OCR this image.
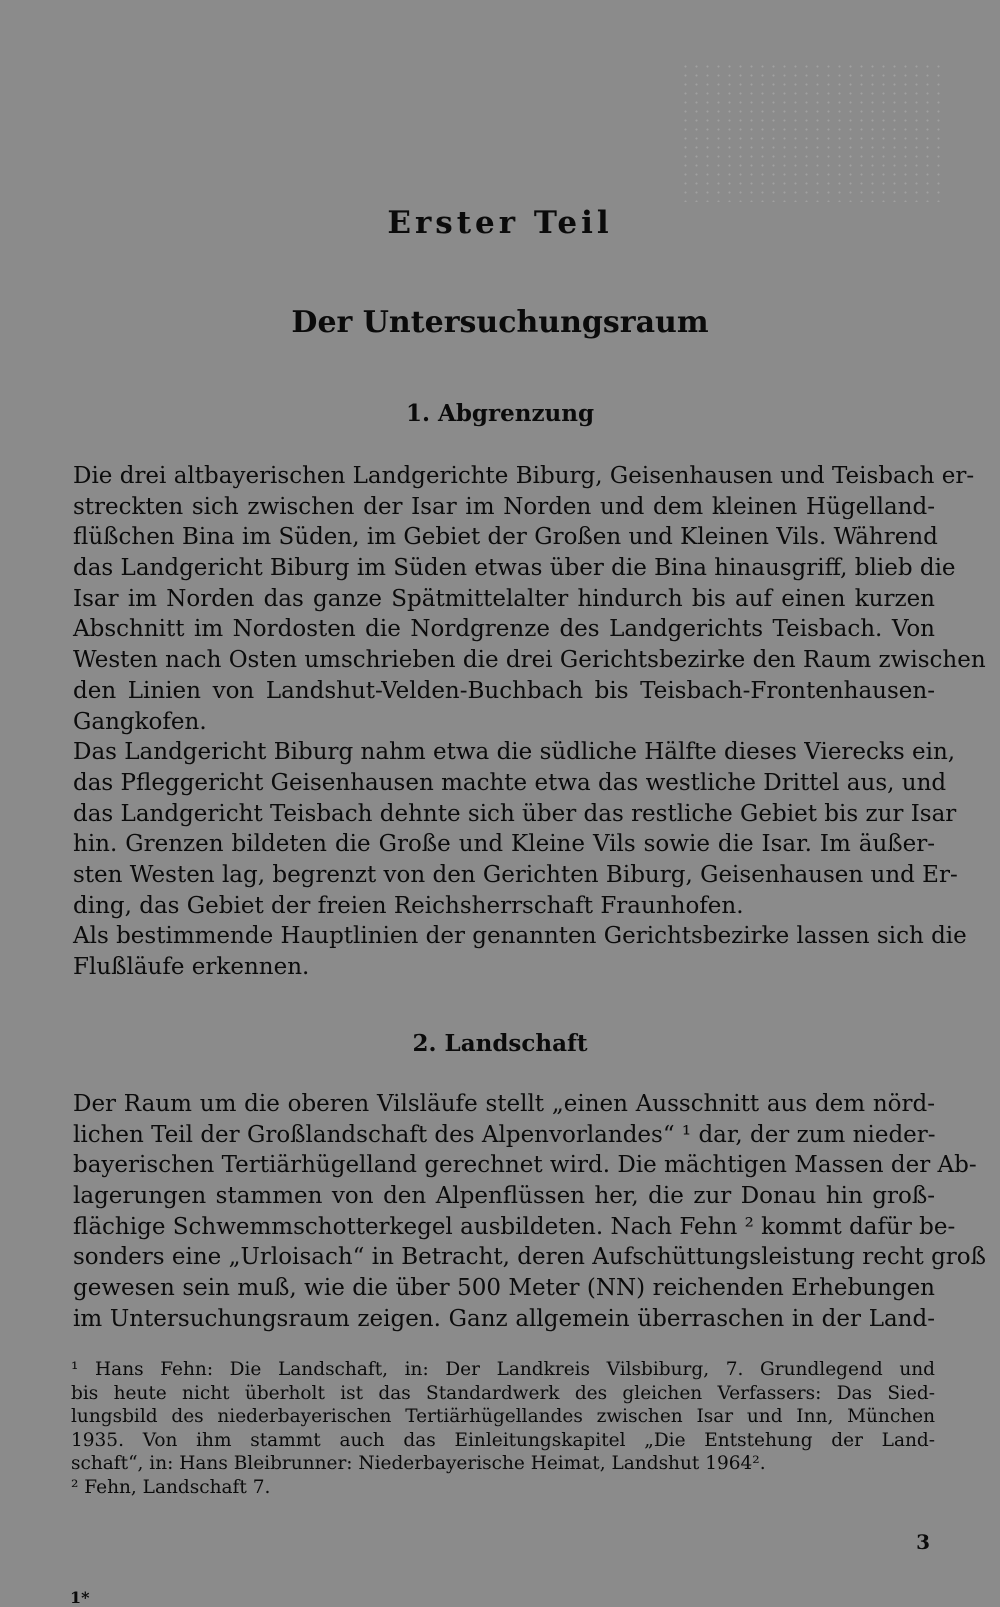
Erster Teil
Der Untersuchungsraum
1. Abgrenzung
Die drei altbayerischen Landgerichte Biburg, Geisenhausen und Teisbach er-
streckten sich zwischen der Isar im Norden und dem kleinen Hügelland-
flüßchen Bina im Süden, im Gebiet der Großen und Kleinen Vils. Während
das Landgericht Biburg im Süden etwas über die Bina hinausgriff, blieb die
Isar im Norden das ganze Spätmittelalter hindurch bis auf einen kurzen
Abschnitt im Nordosten die Nordgrenze des Landgerichts Teisbach. Von
Westen nach Osten umschrieben die drei Gerichtsbezirke den Raum zwischen
den Linien von Landshut-Velden-Buchbach bis Teisbach-Frontenhausen-
Gangkofen.
Das Landgericht Biburg nahm etwa die südliche Hälfte dieses Vierecks ein,
das Pfleggericht Geisenhausen machte etwa das westliche Drittel aus, und
das Landgericht Teisbach dehnte sich über das restliche Gebiet bis zur Isar
hin. Grenzen bildeten die Große und Kleine Vils sowie die Isar. Im äußer-
sten Westen lag, begrenzt von den Gerichten Biburg, Geisenhausen und Er-
ding, das Gebiet der freien Reichsherrschaft Fraunhofen.
Als bestimmende Hauptlinien der genannten Gerichtsbezirke lassen sich die
Flußläufe erkennen.
2. Landschaft
Der Raum um die oberen Vilsläufe stellt „einen Ausschnitt aus dem nörd-
lichen Teil der Großlandschaft des Alpenvorlandes“ ¹ dar, der zum nieder-
bayerischen Tertiärhügelland gerechnet wird. Die mächtigen Massen der Ab-
lagerungen stammen von den Alpenflüssen her, die zur Donau hin groß-
flächige Schwemmschotterkegel ausbildeten. Nach Fehn ² kommt dafür be-
sonders eine „Urloisach“ in Betracht, deren Aufschüttungsleistung recht groß
gewesen sein muß, wie die über 500 Meter (NN) reichenden Erhebungen
im Untersuchungsraum zeigen. Ganz allgemein überraschen in der Land-
¹ Hans Fehn: Die Landschaft, in: Der Landkreis Vilsbiburg, 7. Grundlegend und
bis heute nicht überholt ist das Standardwerk des gleichen Verfassers: Das Sied-
lungsbild des niederbayerischen Tertiärhügellandes zwischen Isar und Inn, München
1935. Von ihm stammt auch das Einleitungskapitel „Die Entstehung der Land-
schaft“, in: Hans Bleibrunner: Niederbayerische Heimat, Landshut 1964².
² Fehn, Landschaft 7.
3
1*
